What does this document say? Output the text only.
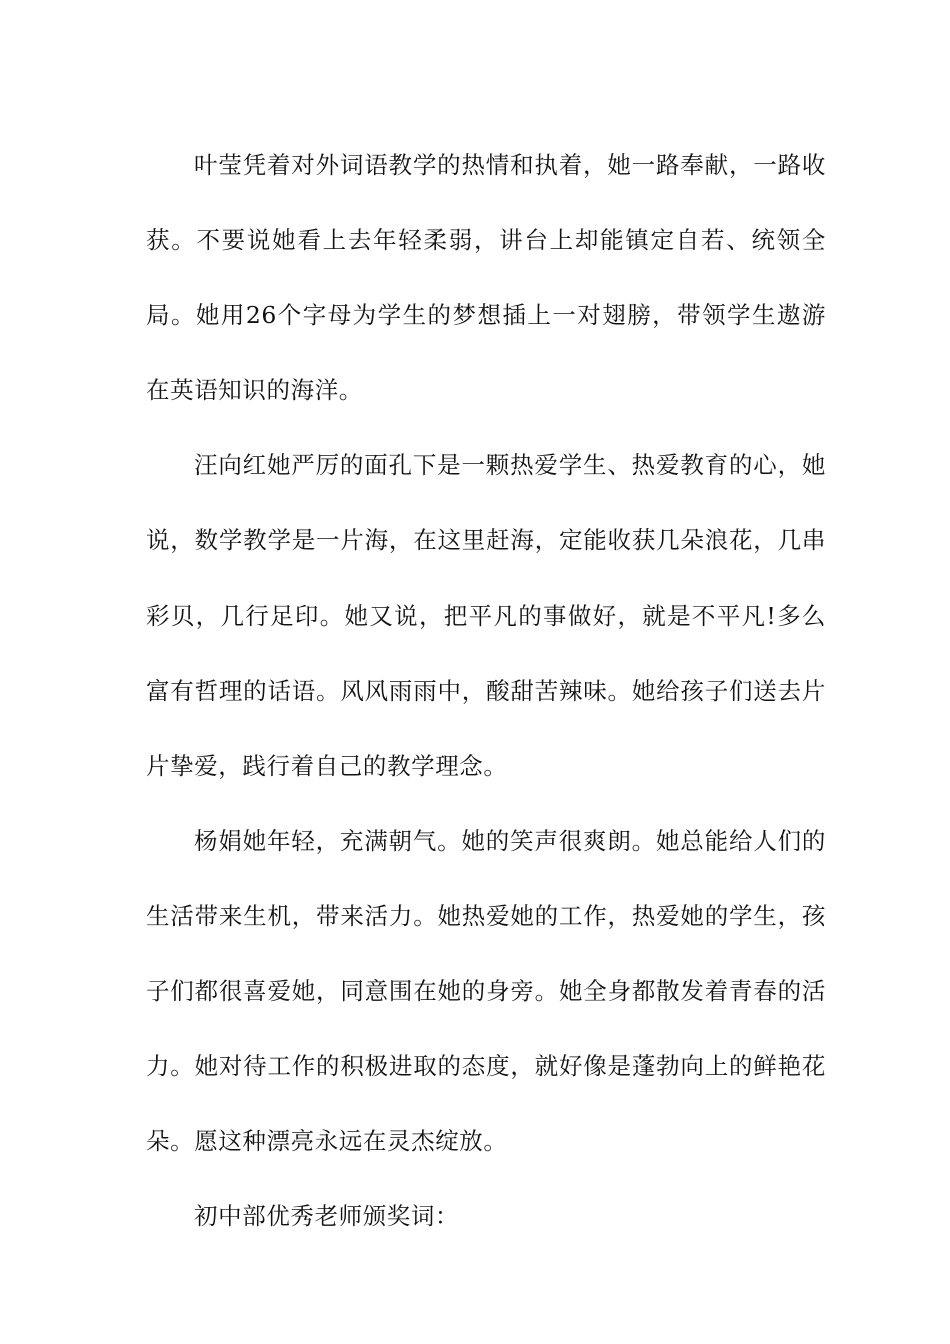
叶莹凭着对外词语教学的热情和执着，她一路奉献，一路收获。不要说她看上去年轻柔弱，讲台上却能镇定自若、统领全局。她用26个字母为学生的梦想插上一对翅膀，带领学生遨游在英语知识的海洋。

汪向红她严厉的面孔下是一颗热爱学生、热爱教育的心，她说，数学教学是一片海，在这里赶海，定能收获几朵浪花，几串彩贝，几行足印。她又说，把平凡的事做好，就是不平凡!多么富有哲理的话语。风风雨雨中，酸甜苦辣味。她给孩子们送去片片挚爱，践行着自己的教学理念。

杨娟她年轻，充满朝气。她的笑声很爽朗。她总能给人们的生活带来生机，带来活力。她热爱她的工作，热爱她的学生，孩子们都很喜爱她，同意围在她的身旁。她全身都散发着青春的活力。她对待工作的积极进取的态度，就好像是蓬勃向上的鲜艳花朵。愿这种漂亮永远在灵杰绽放。

初中部优秀老师颁奖词：
